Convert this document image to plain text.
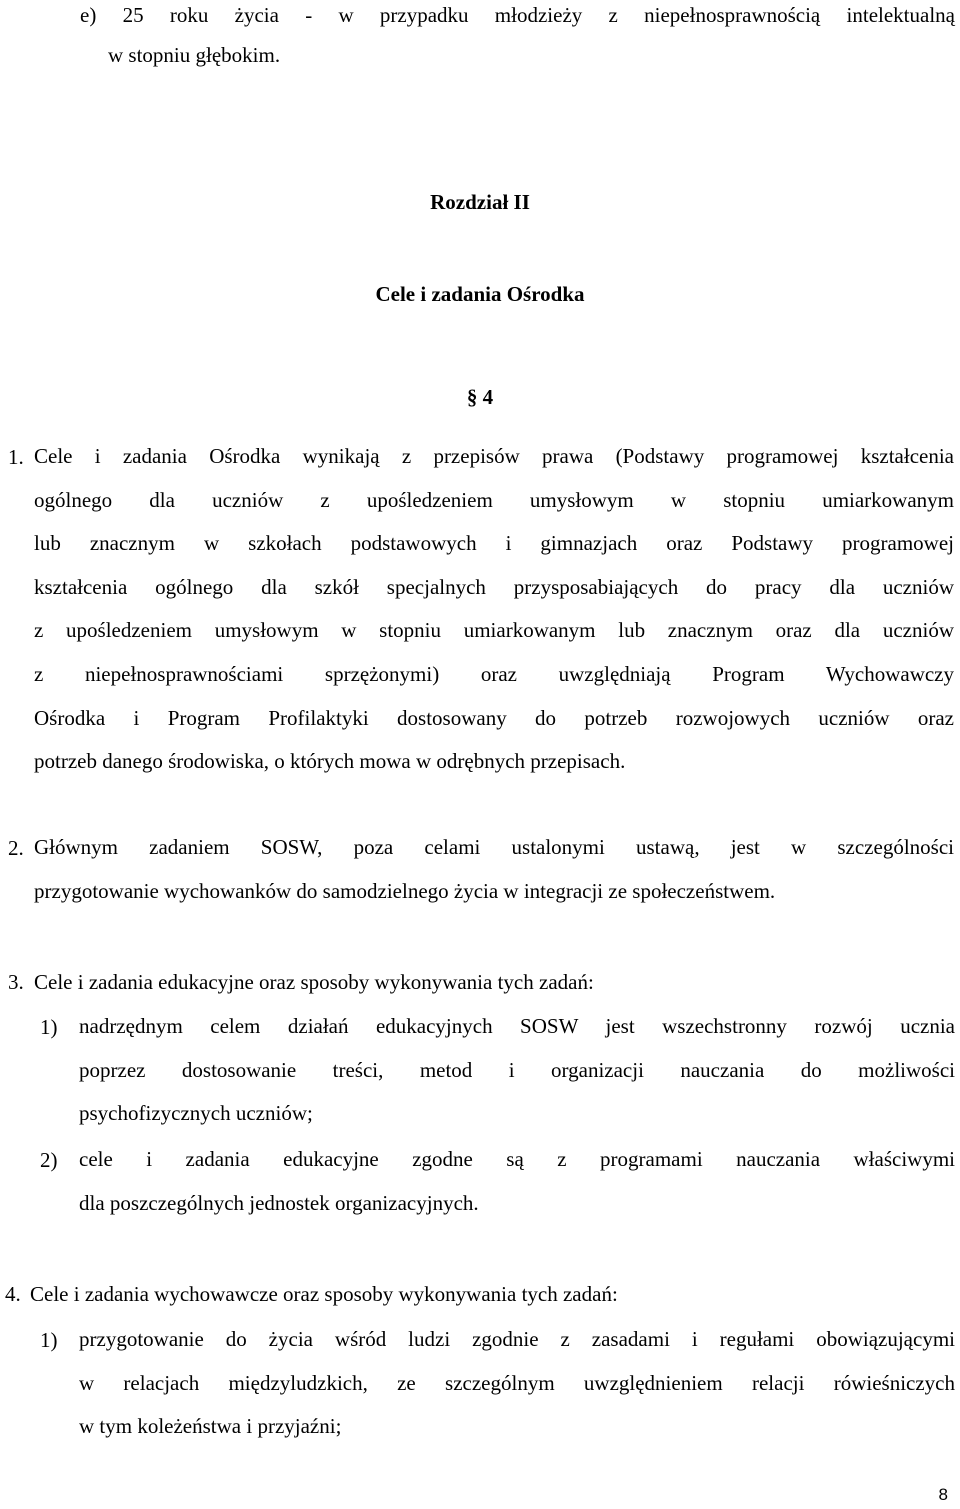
e) 25 roku życia - w przypadku młodzieży z niepełnosprawnością intelektualną
w stopniu głębokim.
Rozdział II
Cele i zadania Ośrodka
§ 4
1. Cele i zadania Ośrodka wynikają z przepisów prawa (Podstawy programowej kształcenia
ogólnego dla uczniów z upośledzeniem umysłowym w stopniu umiarkowanym
lub znacznym w szkołach podstawowych i gimnazjach oraz Podstawy programowej
kształcenia ogólnego dla szkół specjalnych przysposabiających do pracy dla uczniów
z upośledzeniem umysłowym w stopniu umiarkowanym lub znacznym oraz dla uczniów
z niepełnosprawnościami sprzężonymi) oraz uwzględniają Program Wychowawczy
Ośrodka i Program Profilaktyki dostosowany do potrzeb rozwojowych uczniów oraz
potrzeb danego środowiska, o których mowa w odrębnych przepisach.
2. Głównym zadaniem SOSW, poza celami ustalonymi ustawą, jest w szczególności
przygotowanie wychowanków do samodzielnego życia w integracji ze społeczeństwem.
3. Cele i zadania edukacyjne oraz sposoby wykonywania tych zadań:
1) nadrzędnym celem działań edukacyjnych SOSW jest wszechstronny rozwój ucznia
poprzez dostosowanie treści, metod i organizacji nauczania do możliwości
psychofizycznych uczniów;
2) cele i zadania edukacyjne zgodne są z programami nauczania właściwymi
dla poszczególnych jednostek organizacyjnych.
4. Cele i zadania wychowawcze oraz sposoby wykonywania tych zadań:
1) przygotowanie do życia wśród ludzi zgodnie z zasadami i regułami obowiązującymi
w relacjach międzyludzkich, ze szczególnym uwzględnieniem relacji rówieśniczych
w tym koleżeństwa i przyjaźni;
8
